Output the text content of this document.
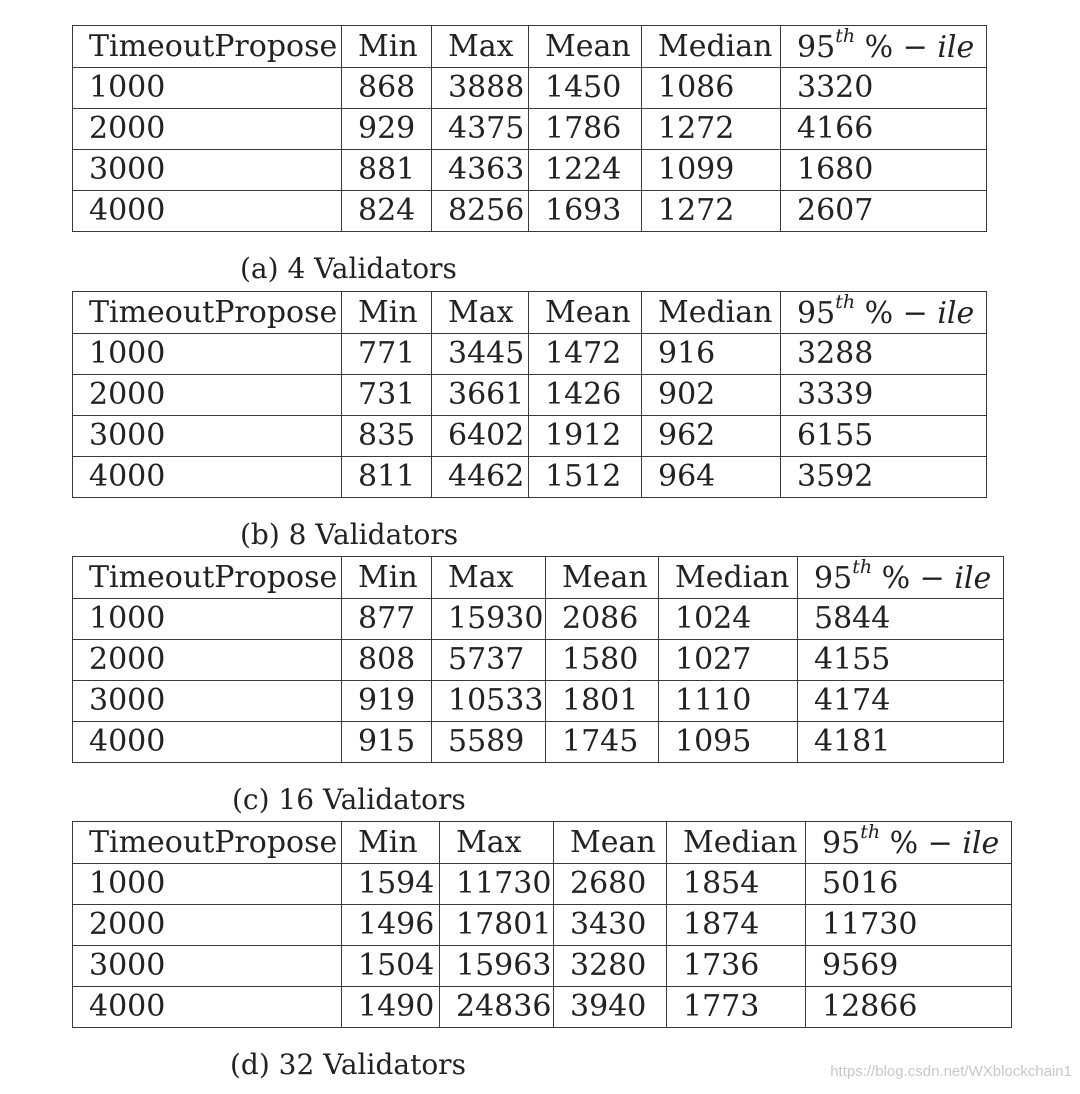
TimeoutPropose	Min	Max	Mean	Median	95th % − ile
1000	868	3888	1450	1086	3320
2000	929	4375	1786	1272	4166
3000	881	4363	1224	1099	1680
4000	824	8256	1693	1272	2607
(a) 4 Validators
TimeoutPropose	Min	Max	Mean	Median	95th % − ile
1000	771	3445	1472	916	3288
2000	731	3661	1426	902	3339
3000	835	6402	1912	962	6155
4000	811	4462	1512	964	3592
(b) 8 Validators
TimeoutPropose	Min	Max	Mean	Median	95th % − ile
1000	877	15930	2086	1024	5844
2000	808	5737	1580	1027	4155
3000	919	10533	1801	1110	4174
4000	915	5589	1745	1095	4181
(c) 16 Validators
TimeoutPropose	Min	Max	Mean	Median	95th % − ile
1000	1594	11730	2680	1854	5016
2000	1496	17801	3430	1874	11730
3000	1504	15963	3280	1736	9569
4000	1490	24836	3940	1773	12866
(d) 32 Validators	https://blog.csdn.net/WXblockchain1
